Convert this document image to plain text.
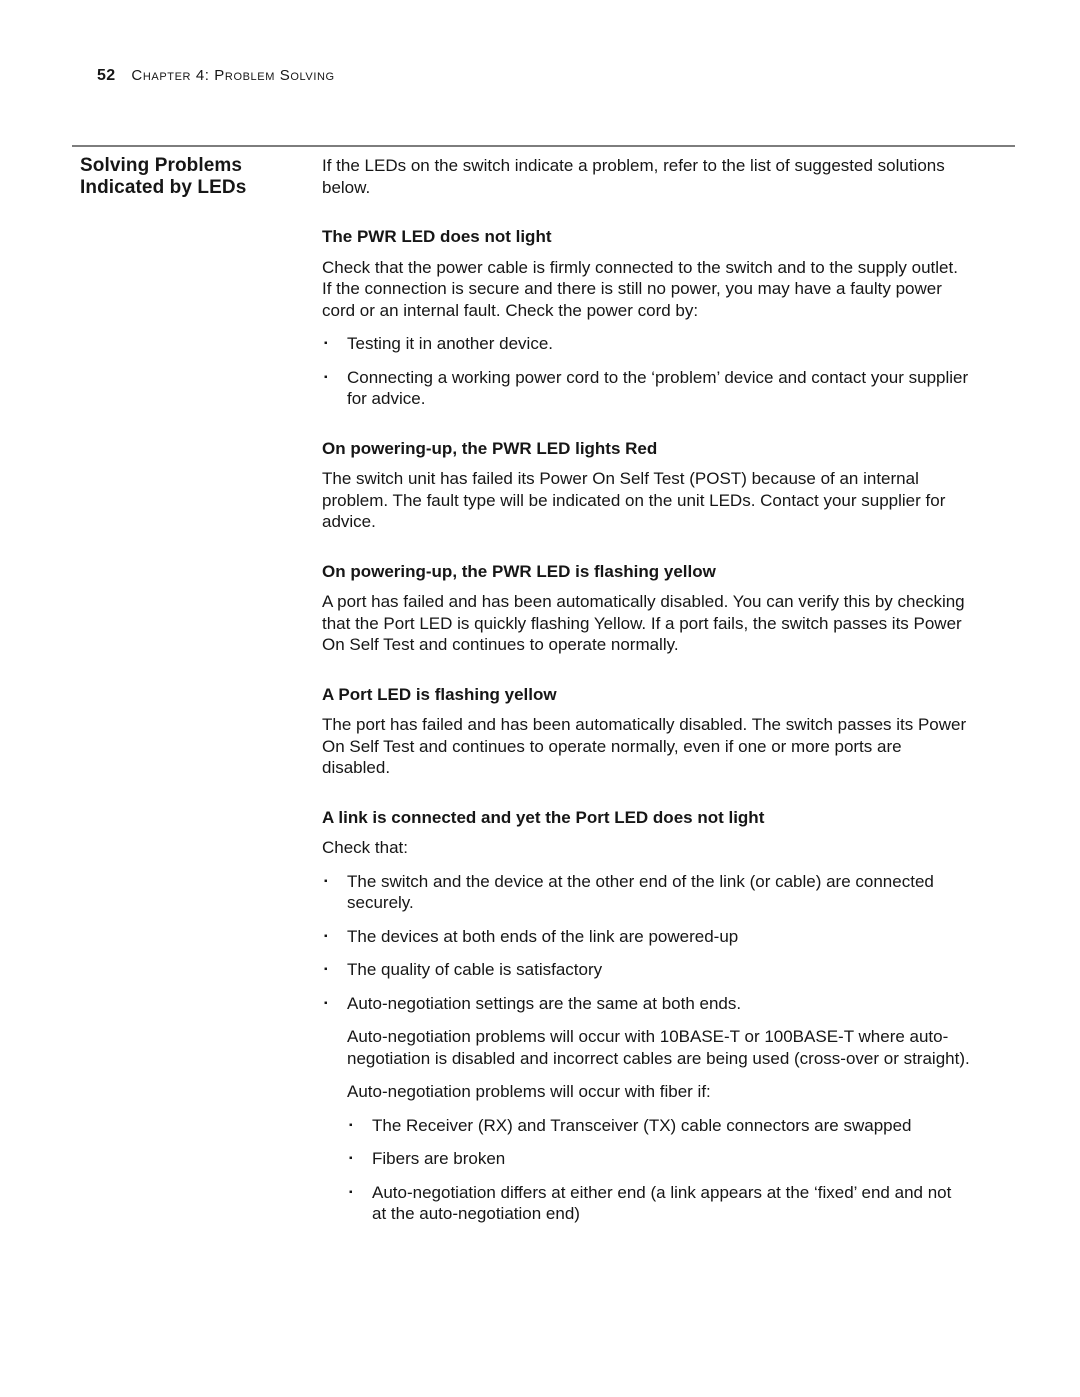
52 Chapter 4: Problem Solving
Solving Problems
Indicated by LEDs

If the LEDs on the switch indicate a problem, refer to the list of suggested solutions below.

The PWR LED does not light

Check that the power cable is firmly connected to the switch and to the supply outlet. If the connection is secure and there is still no power, you may have a faulty power cord or an internal fault. Check the power cord by:

▪	Testing it in another device.
▪	Connecting a working power cord to the ‘problem’ device and contact your supplier for advice.
On powering-up, the PWR LED lights Red

The switch unit has failed its Power On Self Test (POST) because of an internal problem. The fault type will be indicated on the unit LEDs. Contact your supplier for advice.

On powering-up, the PWR LED is flashing yellow

A port has failed and has been automatically disabled. You can verify this by checking that the Port LED is quickly flashing Yellow. If a port fails, the switch passes its Power On Self Test and continues to operate normally.

A Port LED is flashing yellow

The port has failed and has been automatically disabled. The switch passes its Power On Self Test and continues to operate normally, even if one or more ports are disabled.

A link is connected and yet the Port LED does not light

Check that:

▪	The switch and the device at the other end of the link (or cable) are connected securely.
▪	The devices at both ends of the link are powered-up
▪	The quality of cable is satisfactory
▪	Auto-negotiation settings are the same at both ends.

Auto-negotiation problems will occur with 10BASE-T or 100BASE-T where auto-negotiation is disabled and incorrect cables are being used (cross-over or straight).

Auto-negotiation problems will occur with fiber if:

▪	The Receiver (RX) and Transceiver (TX) cable connectors are swapped
▪	Fibers are broken
▪	Auto-negotiation differs at either end (a link appears at the ‘fixed’ end and not at the auto-negotiation end)
